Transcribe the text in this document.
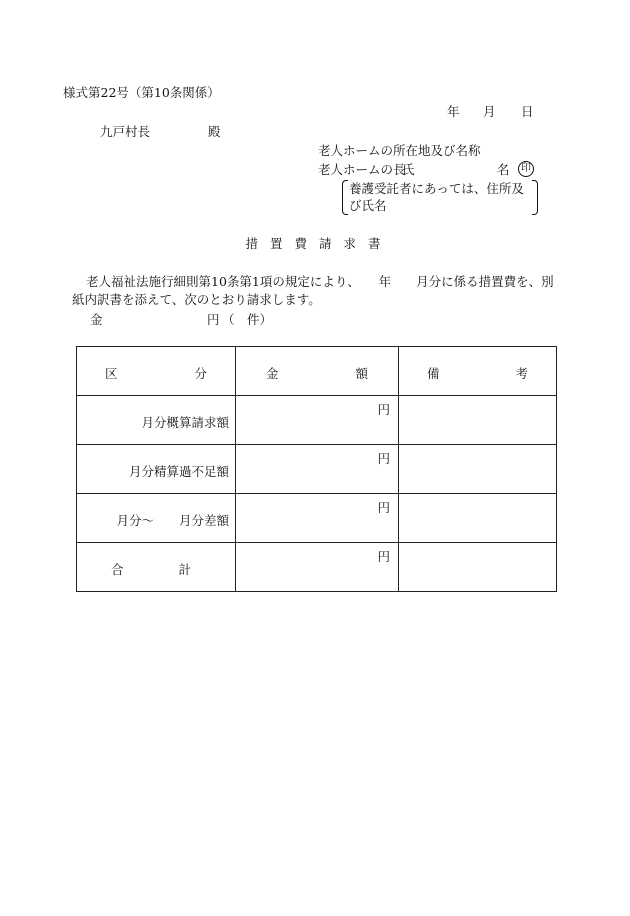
様式第22号（第10条関係）
年 月 日
九戸村長	殿
老人ホームの所在地及び名称
老人ホームの長
氏	名	印
養護受託者にあっては、住所及び氏名
措置費請求書
老人福祉法施行細則第10条第1項の規定により、　　年　　月分に係る措置費を、別紙内訳書を添えて、次のとおり請求します。
金	円 （　件）
区 分	金 額	備 考

月分概算請求額	円	

月分精算過不足額	円	

月分〜　　月分差額	円	

合 計	円	
